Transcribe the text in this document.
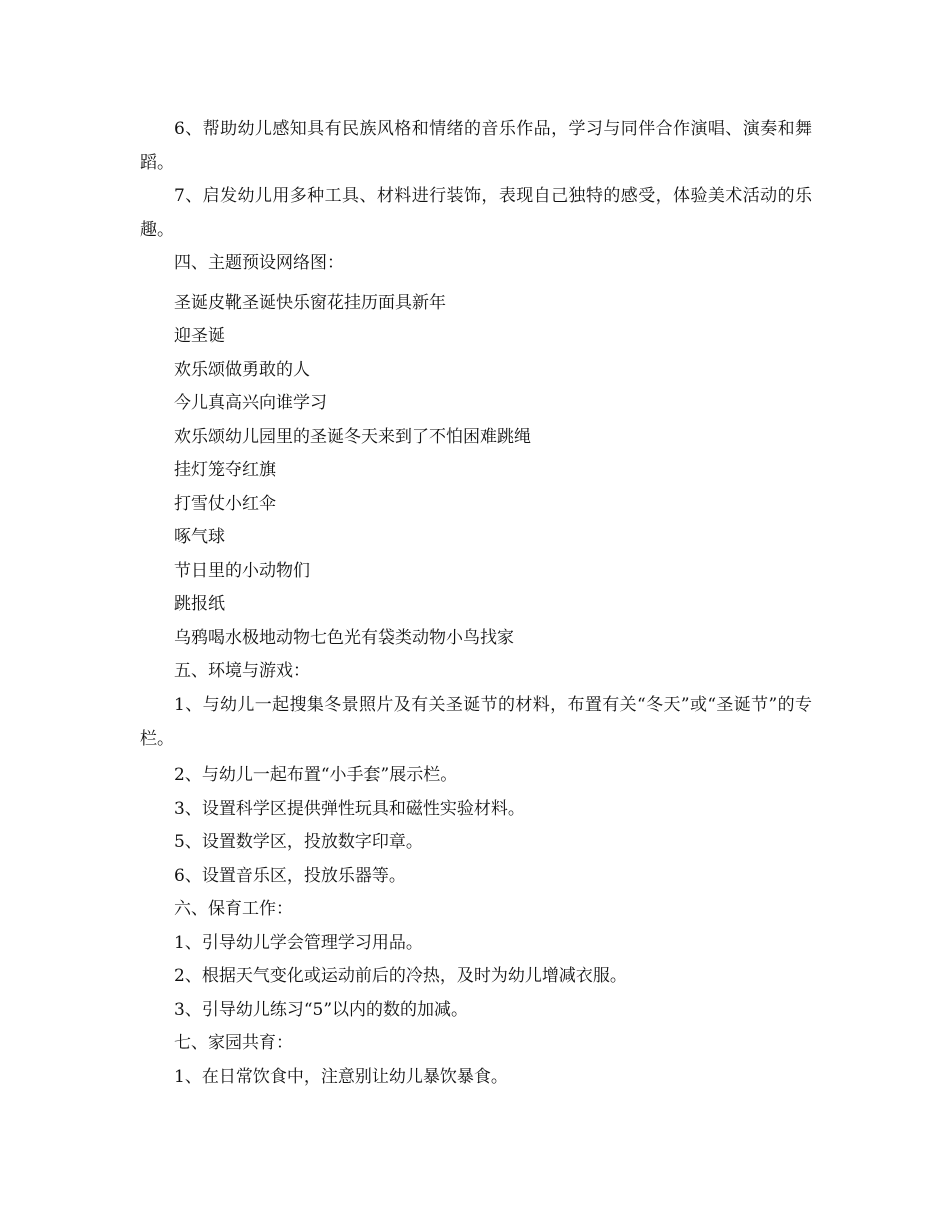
6、帮助幼儿感知具有民族风格和情绪的音乐作品，学习与同伴合作演唱、演奏和舞蹈。

7、启发幼儿用多种工具、材料进行装饰，表现自己独特的感受，体验美术活动的乐趣。

四、主题预设网络图：
圣诞皮靴圣诞快乐窗花挂历面具新年
迎圣诞
欢乐颂做勇敢的人
今儿真高兴向谁学习
欢乐颂幼儿园里的圣诞冬天来到了不怕困难跳绳
挂灯笼夺红旗
打雪仗小红伞
啄气球
节日里的小动物们
跳报纸
乌鸦喝水极地动物七色光有袋类动物小鸟找家
五、环境与游戏：

1、与幼儿一起搜集冬景照片及有关圣诞节的材料，布置有关“冬天”或“圣诞节”的专栏。

2、与幼儿一起布置“小手套”展示栏。
3、设置科学区提供弹性玩具和磁性实验材料。
5、设置数学区，投放数字印章。
6、设置音乐区，投放乐器等。
六、保育工作：
1、引导幼儿学会管理学习用品。
2、根据天气变化或运动前后的冷热，及时为幼儿增减衣服。
3、引导幼儿练习“5”以内的数的加减。
七、家园共育：
1、在日常饮食中，注意别让幼儿暴饮暴食。
